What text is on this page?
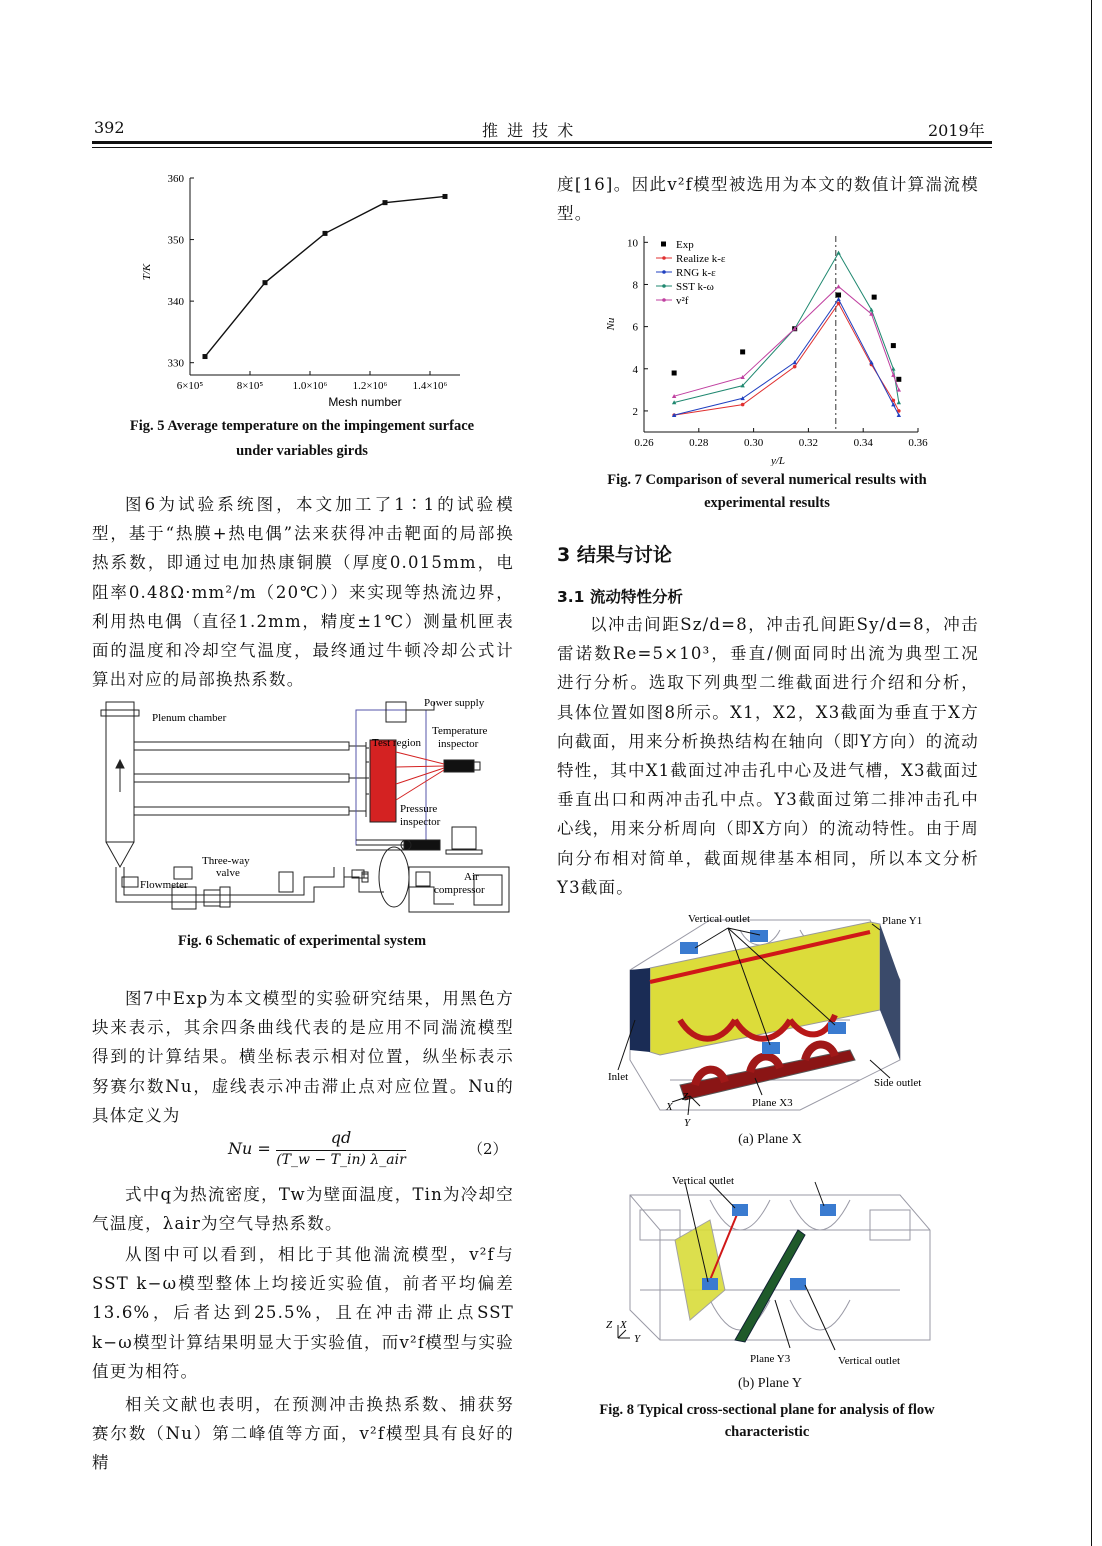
392	推 进 技 术	2019年
6×10⁵	8×10⁵	1.0×10⁶ 1.2×10⁶ 1.4×10⁶
330
340
350
360
Mesh number
T/K
Fig. 5 Average temperature on the impingement surface
under variables girds

图6为试验系统图，本文加工了1∶1的试验模型，基于“热膜+热电偶”法来获得冲击靶面的局部换热系数，即通过电加热康铜膜（厚度0.015mm，电阻率0.48Ω·mm²/m（20℃））来实现等热流边界，利用热电偶（直径1.2mm，精度±1℃）测量机匣表面的温度和冷却空气温度，最终通过牛顿冷却公式计算出对应的局部换热系数。

Plenum chamber
Power supply
Test region
Temperature
inspector
Pressure
inspector
Flowmeter
Three-way
valve	Air
compressor
Fig. 6 Schematic of experimental system

图7中Exp为本文模型的实验研究结果，用黑色方块来表示，其余四条曲线代表的是应用不同湍流模型得到的计算结果。横坐标表示相对位置，纵坐标表示努赛尔数Nu，虚线表示冲击滞止点对应位置。Nu的具体定义为

Nu =
qd
(T_w − T_in) λ_air
（2）

式中q为热流密度，Tw为壁面温度，Tin为冷却空气温度，λair为空气导热系数。

从图中可以看到，相比于其他湍流模型，v²f与SST k−ω模型整体上均接近实验值，前者平均偏差13.6%，后者达到25.5%，且在冲击滞止点SST k−ω模型计算结果明显大于实验值，而v²f模型与实验值更为相符。

相关文献也表明，在预测冲击换热系数、捕获努赛尔数（Nu）第二峰值等方面，v²f模型具有良好的精

度[16]。因此v²f模型被选用为本文的数值计算湍流模型。

0.26	0.28	0.30	0.32	0.34	0.36
2
4
6
8
10	Exp
Realize k-ε
RNG k-ε
SST k-ω
v²f
y/L
Nu
Fig. 7 Comparison of several numerical results with
experimental results
3 结果与讨论
3.1 流动特性分析

以冲击间距Sz/d=8，冲击孔间距Sy/d=8，冲击雷诺数Re=5×10³，垂直/侧面同时出流为典型工况进行分析。选取下列典型二维截面进行介绍和分析，具体位置如图8所示。X1，X2，X3截面为垂直于X方向截面，用来分析换热结构在轴向（即Y方向）的流动特性，其中X1截面过冲击孔中心及进气槽，X3截面过垂直出口和两冲击孔中点。Y3截面过第二排冲击孔中心线，用来分析周向（即X方向）的流动特性。由于周向分布相对简单，截面规律基本相同，所以本文分析Y3截面。

Vertical outlet	Plane Y1
Inlet	Side outlet
Plane X3
X
Y
Z
(a) Plane X
Vertical outlet
Vertical outlet
Plane Y3
X
Y
Z
(b) Plane Y
Fig. 8 Typical cross-sectional plane for analysis of flow
characteristic
